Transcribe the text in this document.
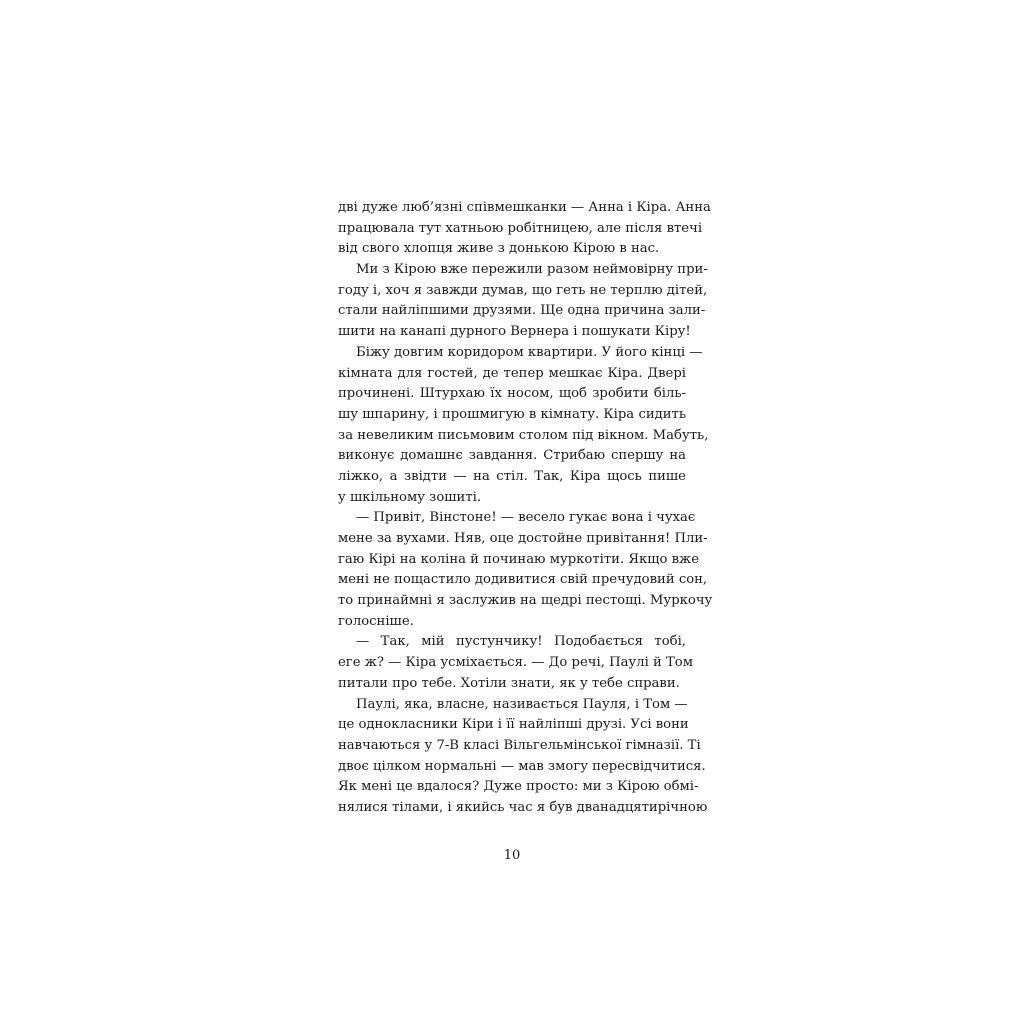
дві дуже люб’язні співмешканки — Анна і Кіра. Анна
працювала тут хатньою робітницею, але після втечі
від свого хлопця живе з донькою Кірою в нас.
Ми з Кірою вже пережили разом неймовірну при-
году і, хоч я завжди думав, що геть не терплю дітей,
стали найліпшими друзями. Ще одна причина зали-
шити на канапі дурного Вернера і пошукати Кіру!
Біжу довгим коридором квартири. У його кінці —
кімната для гостей, де тепер мешкає Кіра. Двері
прочинені. Штурхаю їх носом, щоб зробити біль-
шу шпарину, і прошмигую в кімнату. Кіра сидить
за невеликим письмовим столом під вікном. Мабуть,
виконує домашнє завдання. Стрибаю спершу на
ліжко, а звідти — на стіл. Так, Кіра щось пише
у шкільному зошиті.
— Привіт, Вінстоне! — весело гукає вона і чухає
мене за вухами. Няв, оце достойне привітання! Пли-
гаю Кірі на коліна й починаю муркотіти. Якщо вже
мені не пощастило додивитися свій пречудовий сон,
то принаймні я заслужив на щедрі пестощі. Муркочу
голосніше.
— Так, мій пустунчику! Подобається тобі,
еге ж? — Кіра усміхається. — До речі, Паулі й Том
питали про тебе. Хотіли знати, як у тебе справи.
Паулі, яка, власне, називається Пауля, і Том —
це однокласники Кіри і її найліпші друзі. Усі вони
навчаються у 7-В класі Вільгельмінської гімназії. Ті
двоє цілком нормальні — мав змогу пересвідчитися.
Як мені це вдалося? Дуже просто: ми з Кірою обмі-
нялися тілами, і якийсь час я був дванадцятирічною
10
